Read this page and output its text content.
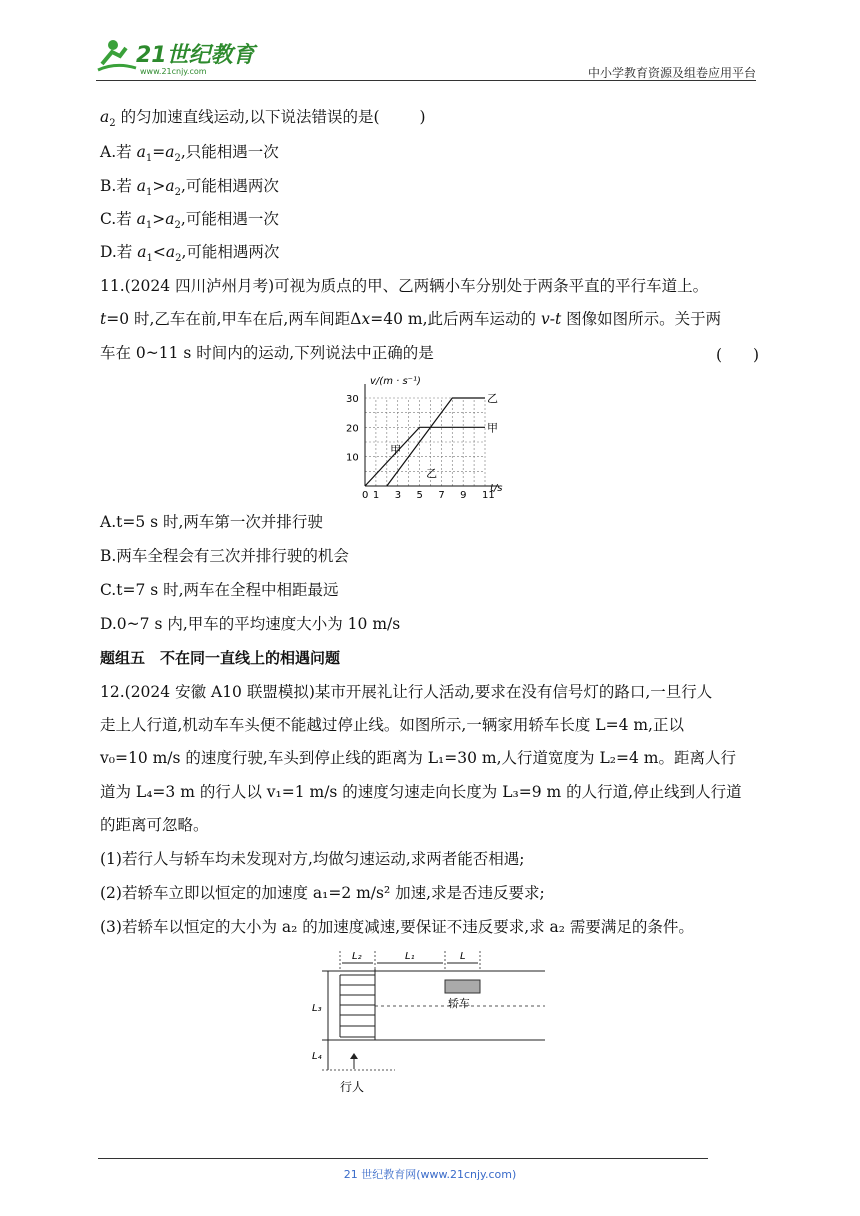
21世纪教育
www.21cnjy.com	中小学教育资源及组卷应用平台
$a_2$ 的匀加速直线运动,以下说法错误的是(	)
A.若 $a_1=a_2$,只能相遇一次
B.若 $a_1>a_2$,可能相遇两次
C.若 $a_1>a_2$,可能相遇一次
D.若 $a_1<a_2$,可能相遇两次
11.(2024 四川泸州月考)可视为质点的甲、乙两辆小车分别处于两条平直的平行车道上。
t=0 时,乙车在前,甲车在后,两车间距Δx=40 m,此后两车运动的 v-t 图像如图所示。关于两
车在 0~11 s 时间内的运动,下列说法中正确的是	(　　)
0 1 3 5 7 9 11
10
20
30
v/(m · s⁻¹)
t/s
乙
甲
甲
乙
A.t=5 s 时,两车第一次并排行驶
B.两车全程会有三次并排行驶的机会
C.t=7 s 时,两车在全程中相距最远
D.0~7 s 内,甲车的平均速度大小为 10 m/s
题组五　不在同一直线上的相遇问题
12.(2024 安徽 A10 联盟模拟)某市开展礼让行人活动,要求在没有信号灯的路口,一旦行人
走上人行道,机动车车头便不能越过停止线。如图所示,一辆家用轿车长度 L=4 m,正以
v₀=10 m/s 的速度行驶,车头到停止线的距离为 L₁=30 m,人行道宽度为 L₂=4 m。距离人行
道为 L₄=3 m 的行人以 v₁=1 m/s 的速度匀速走向长度为 L₃=9 m 的人行道,停止线到人行道
的距离可忽略。
(1)若行人与轿车均未发现对方,均做匀速运动,求两者能否相遇;
(2)若轿车立即以恒定的加速度 a₁=2 m/s² 加速,求是否违反要求;
(3)若轿车以恒定的大小为 a₂ 的加速度减速,要保证不违反要求,求 a₂ 需要满足的条件。
L₂	L₁	L
轿车
L₃
L₄
行人
21 世纪教育网(www.21cnjy.com)
